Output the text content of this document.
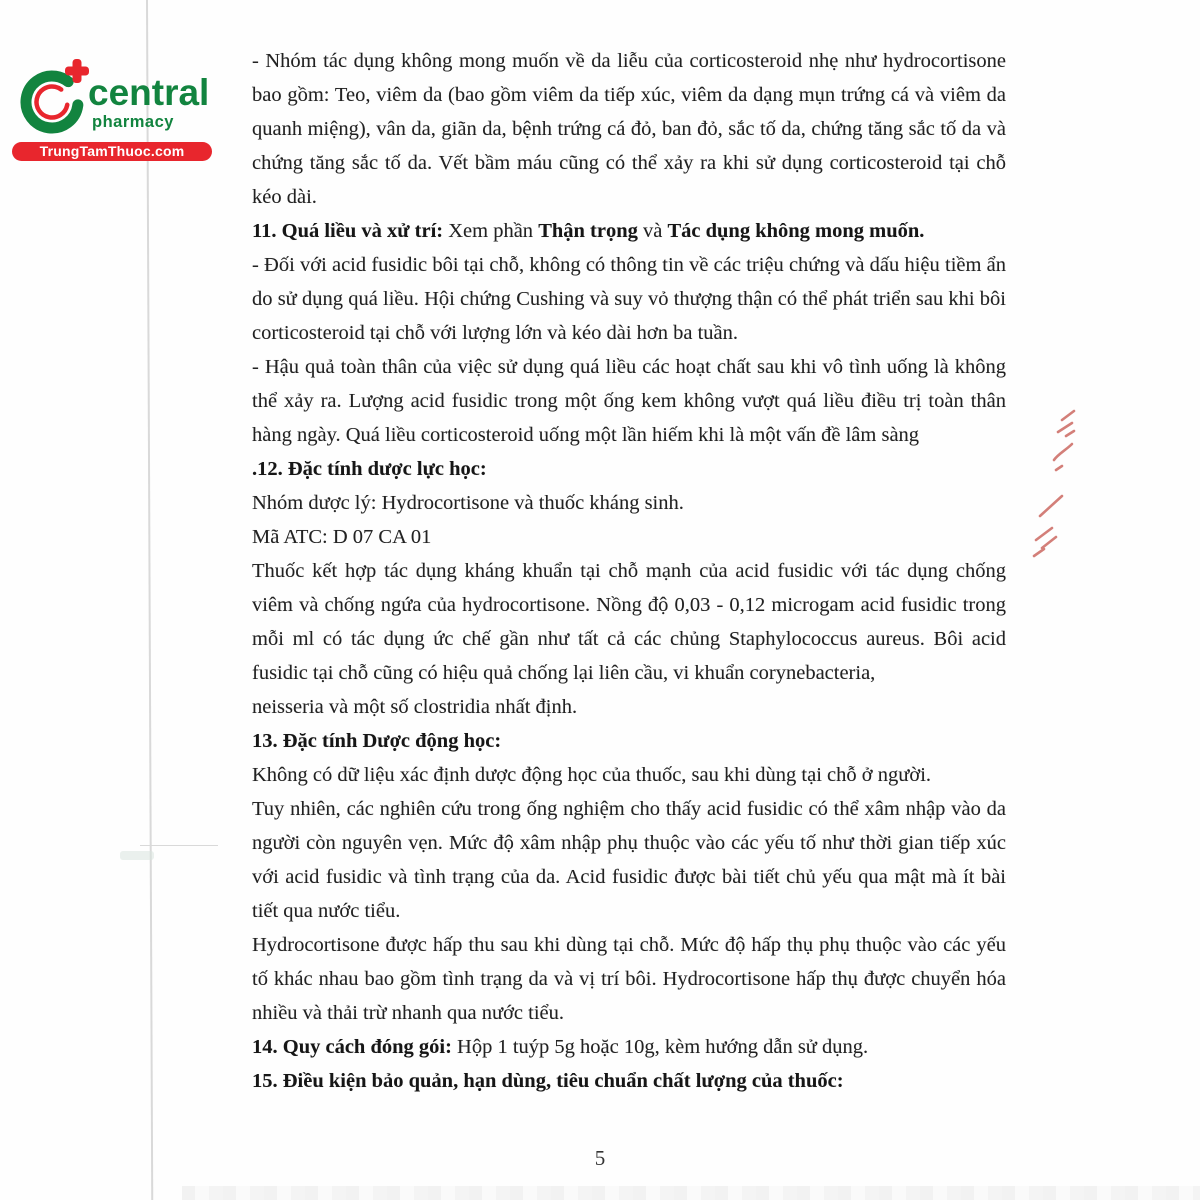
central
pharmacy
TrungTamThuoc.com

- Nhóm tác dụng không mong muốn về da liễu của corticosteroid nhẹ như hydrocortisone bao gồm: Teo, viêm da (bao gồm viêm da tiếp xúc, viêm da dạng mụn trứng cá và viêm da quanh miệng), vân da, giãn da, bệnh trứng cá đỏ, ban đỏ, sắc tố da, chứng tăng sắc tố da và chứng tăng sắc tố da. Vết bầm máu cũng có thể xảy ra khi sử dụng corticosteroid tại chỗ kéo dài.

11. Quá liều và xử trí: Xem phần Thận trọng và Tác dụng không mong muốn.

- Đối với acid fusidic bôi tại chỗ, không có thông tin về các triệu chứng và dấu hiệu tiềm ẩn do sử dụng quá liều. Hội chứng Cushing và suy vỏ thượng thận có thể phát triển sau khi bôi corticosteroid tại chỗ với lượng lớn và kéo dài hơn ba tuần.

- Hậu quả toàn thân của việc sử dụng quá liều các hoạt chất sau khi vô tình uống là không thể xảy ra. Lượng acid fusidic trong một ống kem không vượt quá liều điều trị toàn thân hàng ngày. Quá liều corticosteroid uống một lần hiếm khi là một vấn đề lâm sàng

.12. Đặc tính dược lực học:

Nhóm dược lý: Hydrocortisone và thuốc kháng sinh.

Mã ATC: D 07 CA 01

Thuốc kết hợp tác dụng kháng khuẩn tại chỗ mạnh của acid fusidic với tác dụng chống viêm và chống ngứa của hydrocortisone. Nồng độ 0,03 - 0,12 microgam acid fusidic trong mỗi ml có tác dụng ức chế gần như tất cả các chủng Staphylococcus aureus. Bôi acid fusidic tại chỗ cũng có hiệu quả chống lại liên cầu, vi khuẩn corynebacteria,

neisseria và một số clostridia nhất định.

13. Đặc tính Dược động học:

Không có dữ liệu xác định dược động học của thuốc, sau khi dùng tại chỗ ở người.

Tuy nhiên, các nghiên cứu trong ống nghiệm cho thấy acid fusidic có thể xâm nhập vào da người còn nguyên vẹn. Mức độ xâm nhập phụ thuộc vào các yếu tố như thời gian tiếp xúc với acid fusidic và tình trạng của da. Acid fusidic được bài tiết chủ yếu qua mật mà ít bài tiết qua nước tiểu.

Hydrocortisone được hấp thu sau khi dùng tại chỗ. Mức độ hấp thụ phụ thuộc vào các yếu tố khác nhau bao gồm tình trạng da và vị trí bôi. Hydrocortisone hấp thụ được chuyển hóa nhiều và thải trừ nhanh qua nước tiểu.

14. Quy cách đóng gói: Hộp 1 tuýp 5g hoặc 10g, kèm hướng dẫn sử dụng.

15. Điều kiện bảo quản, hạn dùng, tiêu chuẩn chất lượng của thuốc:

5
